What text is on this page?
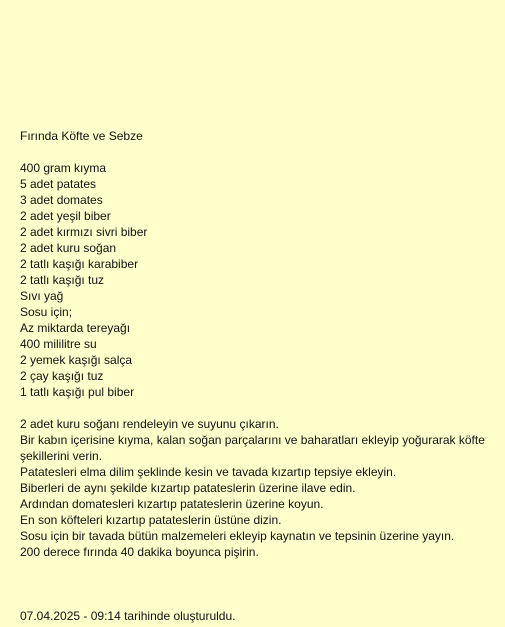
Fırında Köfte ve Sebze
400 gram kıyma
5 adet patates
3 adet domates
2 adet yeşil biber
2 adet kırmızı sivri biber
2 adet kuru soğan
2 tatlı kaşığı karabiber
2 tatlı kaşığı tuz
Sıvı yağ
Sosu için;
Az miktarda tereyağı
400 mililitre su
2 yemek kaşığı salça
2 çay kaşığı tuz
1 tatlı kaşığı pul biber
2 adet kuru soğanı rendeleyin ve suyunu çıkarın.
Bir kabın içerisine kıyma, kalan soğan parçalarını ve baharatları ekleyip yoğurarak köfte şekillerini verin.
Patatesleri elma dilim şeklinde kesin ve tavada kızartıp tepsiye ekleyin.
Biberleri de aynı şekilde kızartıp patateslerin üzerine ilave edin.
Ardından domatesleri kızartıp patateslerin üzerine koyun.
En son köfteleri kızartıp patateslerin üstüne dizin.
Sosu için bir tavada bütün malzemeleri ekleyip kaynatın ve tepsinin üzerine yayın.
200 derece fırında 40 dakika boyunca pişirin.
07.04.2025 - 09:14 tarihinde oluşturuldu.
